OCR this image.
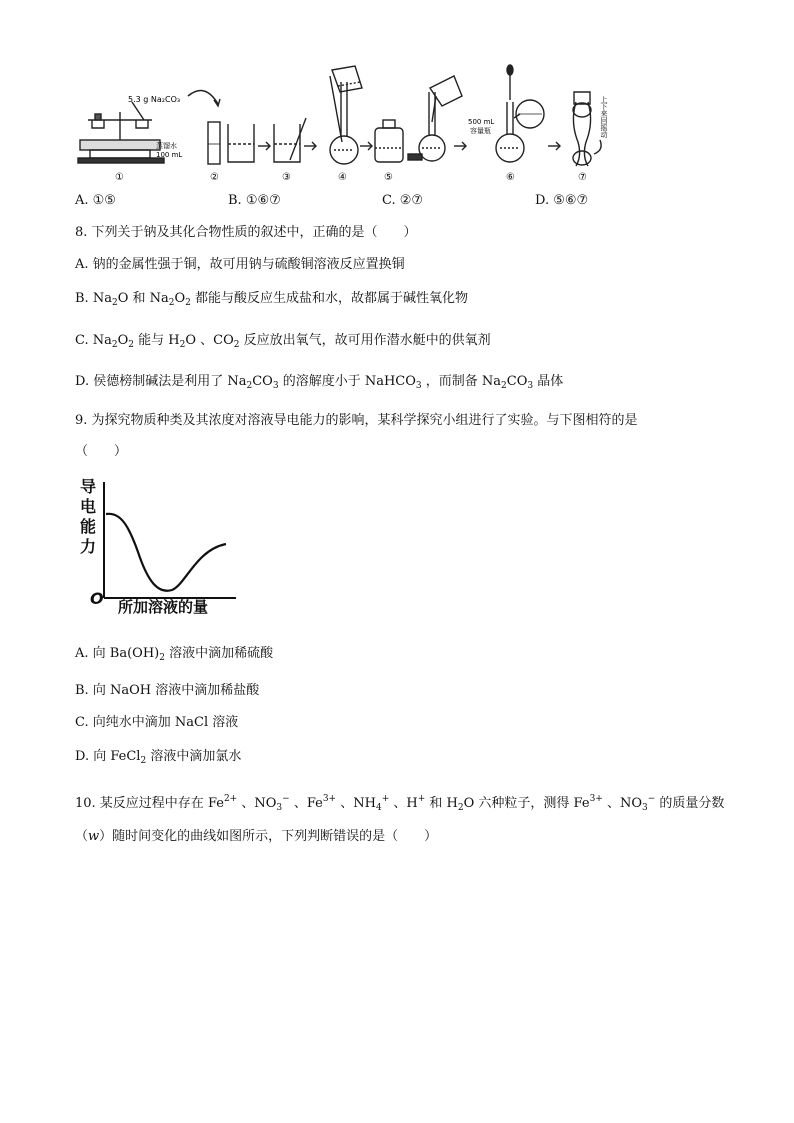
5.3 g Na₂CO₃
蒸馏水
100 mL
500 mL
容量瓶	上下来回摇动
①	②	③	④	⑤	⑥	⑦
A. ①⑤	B. ①⑥⑦	C. ②⑦	D. ⑤⑥⑦
8. 下列关于钠及其化合物性质的叙述中，正确的是（　　）
A. 钠的金属性强于铜，故可用钠与硫酸铜溶液反应置换铜
B. $Na_2O$ 和 $Na_2O_2$ 都能与酸反应生成盐和水，故都属于碱性氧化物
C. $Na_2O_2$ 能与 $H_2O$ 、$CO_2$ 反应放出氧气，故可用作潜水艇中的供氧剂
D. 侯德榜制碱法是利用了 $Na_2CO_3$ 的溶解度小于 NaHCO$_3$ ，而制备 $Na_2CO_3$ 晶体
9. 为探究物质种类及其浓度对溶液导电能力的影响，某科学探究小组进行了实验。与下图相符的是
（　　）
导
电
能
力
O 所加溶液的量
A. 向 $Ba(OH)_2$ 溶液中滴加稀硫酸
B. 向 NaOH 溶液中滴加稀盐酸
C. 向纯水中滴加 NaCl 溶液
D. 向 FeCl$_2$ 溶液中滴加氯水
10. 某反应过程中存在 $Fe^{2+}$ 、$NO_3^-$ 、$Fe^{3+}$ 、$NH_4^+$ 、H+ 和 $H_2O$ 六种粒子，测得 $Fe^{3+}$ 、$NO_3^-$ 的质量分数
（w）随时间变化的曲线如图所示，下列判断错误的是（　　）
